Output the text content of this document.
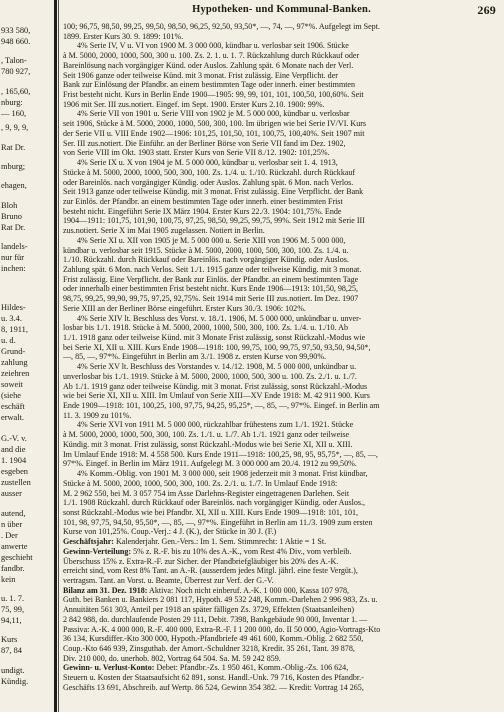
933 580,
948 660.
, Talon-
780 927,
, 165,60,
nburg:
— 160,
, 9, 9, 9,
Rat Dr.
mburg;
ehagen,
Bloh
Bruno
Rat Dr.
landels-
nur für
inchen:
Hildes-
u. 3.4.
8, 1911,
u. d.
Grund-
zahlung
zeiehren
soweit
(siehe
eschäft
erwalt.
G.-V. v.
and die
1. 1904
esgeben
zustellen
ausser
autend,
n über
. Der
anwerte
geschieht
fandbr.
kein
u. 1. 7.
75, 99,
94,11,
Kurs
87, 84
undigt.
Kündig.
Hypotheken- und Kommunal-Banken.	269
100; 96,75, 98,50, 99,25, 99,50, 98,50, 96,25, 92,50, 93,50*, —, 74, —, 97*%. Aufgelegt im Sept.
1899. Erster Kurs 30. 9. 1899: 101%.
4% Serie IV, V u. VI von 1900 M. 3 000 000, kündbar u. verlosbar seit 1906. Stücke
à M. 5000, 2000, 1000, 500, 300 u. 100. Zs. 2. 1. u. 1. 7. Rückzahlung durch Rückkauf oder
Bareinlösung nach vorgängiger Künd. oder Auslos. Zahlung spät. 6 Monate nach der Verl.
Seit 1906 ganze oder teilweise Künd. mit 3 monat. Frist zulässig. Eine Verpflicht. der
Bank zur Einlösung der Pfandbr. an einem bestimmten Tage oder innerh. einer bestimmten
Frist besteht nicht. Kurs in Berlin Ende 1900—1905: 99, 99, 101, 101, 100,50, 100,60%. Seit
1906 mit Ser. III zus.notiert. Eingef. im Sept. 1900. Erster Kurs 2.10. 1900: 99%.
4% Serie VII von 1901 u. Serie VIII von 1902 je M. 5 000 000, kündbar u. verlosbar
seit 1906, Stücke à M. 5000, 2000, 1000, 500, 300, 100. Im übrigen wie bei Serie IV/VI. Kurs
der Serie VII u. VIII Ende 1902—1906: 101,25, 101,50, 101, 100,75, 100,40%. Seit 1907 mit
Ser. III zus.notiert. Die Einführ. an der Berliner Börse von Serie VII fand im Dez. 1902,
von Serie VIII im Okt. 1903 statt. Erster Kurs von Serie VII 8./12. 1902: 101,25%.
4% Serie IX u. X von 1904 je M. 5 000 000, kündbar u. verlosbar seit 1. 4. 1913,
Stücke à M. 5000, 2000, 1000, 500, 300, 100. Zs. 1./4. u. 1./10. Rückzahl. durch Rückkauf
oder Bareinlös. nach vorgängiger Kündig. oder Auslos. Zahlung spät. 6 Mon. nach Verlos.
Seit 1913 ganze oder teilweise Kündig. mit 3 monat. Frist zulässig. Eine Verpflicht. der Bank
zur Einlös. der Pfandbr. an einem bestimmten Tage oder innerh. einer bestimmten Frist
besteht nicht. Eingeführt Serie IX März 1904. Erster Kurs 22./3. 1904: 101,75%. Ende
1904—1911: 101,75, 101,90, 100,75, 97,25, 98,50, 99,25, 99,75, 99%. Seit 1912 mit Serie III
zus.notiert. Serie X im Mai 1905 zugelassen. Notiert in Berlin.
4% Serie XI u. XII von 1905 je M. 5 000 000 u. Serie XIII von 1906 M. 5 000 000,
kündbar u. verlosbar seit 1915. Stücke à M. 5000, 2000, 1000, 500, 300, 100. Zs. 1./4. u.
1./10. Rückzahl. durch Rückkauf oder Bareinlös. nach vorgängiger Kündig. oder Auslos.
Zahlung spät. 6 Mon. nach Verlos. Seit 1./1. 1915 ganze oder teilweise Kündig. mit 3 monat.
Frist zulässig. Eine Verpflicht. der Bank zur Einlös. der Pfandbr. an einem bestimmten Tage
oder innerhalb einer bestimmten Frist besteht nicht. Kurs Ende 1906—1913: 101,50, 98,25,
98,75, 99,25, 99,90, 99,75, 97,25, 92,75%. Seit 1914 mit Serie III zus.notiert. Im Dez. 1907
Serie XIII an der Berliner Börse eingeführt. Erster Kurs 30./3. 1906: 102%.
4% Serie XIV lt. Beschluss des Vorst. v. 18./1. 1906, M. 5 000 000, unkündbar u. unver-
losbar bis 1./1. 1918. Stücke à M. 5000, 2000, 1000, 500, 300, 100. Zs. 1./4. u. 1./10. Ab
1./1. 1918 ganz oder teilweise Künd. mit 3 Monate Frist zulässig, sonst Rückzahl.-Modus wie
bei Serie XI, XII u. XIII. Kurs Ende 1908—1918: 100, 99,75, 100, 99,75, 97,50, 93,50, 94,50*,
—, 85, —, 97*%. Eingeführt in Berlin am 3./1. 1908 z. ersten Kurse von 99,90%.
4% Serie XV lt. Beschluss des Vorstandes v. 14./12. 1908, M. 5 000 000, unkündbar u.
unverlosbar bis 1./1. 1919. Stücke à M. 5000, 2000, 1000, 500, 300 u. 100. Zs. 2./1. u. 1./7.
Ab 1./1. 1919 ganz oder teilweise Kündig. mit 3 monat. Frist zulässig, sonst Rückzahl.-Modus
wie bei Serie XI, XII u. XIII. Im Umlauf von Serie XIII—XV Ende 1918: M. 42 911 900. Kurs
Ende 1909—1918: 101, 100,25, 100, 97,75, 94,25, 95,25*, —, 85, —, 97*%. Eingef. in Berlin am
11. 3. 1909 zu 101%.
4% Serie XVI von 1911 M. 5 000 000, rückzahlbar frühestens zum 1./1. 1921. Stücke
à M. 5000, 2000, 1000, 500, 300, 100. Zs. 1./1. u. 1./7. Ab 1./1. 1921 ganz oder teilweise
Kündig. mit 3 monat. Frist zulässig, sonst Rückzahl.-Modus wie bei Serie XI, XII u. XIII.
Im Umlauf Ende 1918: M. 4 558 500. Kurs Ende 1911—1918: 100,25, 98, 95, 95,75*, —, 85, —,
97*%. Eingef. in Berlin im März 1911. Aufgelegt M. 3 000 000 am 20./4. 1912 zu 99,50%.
4% Komm.-Oblig. von 1901 M. 3 000 000, seit 1908 jederzeit mit 3 monat. Frist kündbar,
Stücke à M. 5000, 2000, 1000, 500, 300, 100. Zs. 2./1. u. 1./7. In Umlauf Ende 1918:
M. 2 962 550, bei M. 3 057 754 im Asse Darlehns-Register eingetragenen Darlehen. Seit
1./1. 1908 Rückzahl. durch Rückkauf oder Bareinlös. nach vorgängiger Kündig. oder Auslos.,
sonst Rückzahl.-Modus wie bei Pfandbr. XI, XII u. XIII. Kurs Ende 1909—1918: 101, 101,
101, 98, 97,75, 94,50, 95,50*, —, 85, —, 97*%. Eingeführt in Berlin am 11./3. 1909 zum ersten
Kurse von 101,25%. Coup.-Verj.: 4 J. (K.), der Stücke in 30 J. (F.)
Geschäftsjahr: Kalenderjahr. Gen.-Vers.: Im 1. Sem. Stimmrecht: 1 Aktie = 1 St.
Gewinn-Verteilung: 5% z. R.-F. bis zu 10% des A.-K., vom Rest 4% Div., vom verbleib.
Überschuss 15% z. Extra-R.-F. zur Sicher. der Pfandbriefgläubiger bis 20% des A.-K.
erreicht sind, vom Rest 8% Tant. an A.-R. (ausserdem jedes Mitgl. jährl. eine feste Vergüt.),
vertragsm. Tant. an Vorst. u. Beamte, Überrest zur Verf. der G.-V.
Bilanz am 31. Dez. 1918: Aktiva: Noch nicht einberuf. A.-K. 1 000 000, Kassa 107 978,
Guth. bei Banken u. Bankiers 2 081 117, Hypoth. 49 532 248, Komm.-Darlehen 2 996 983, Zs. u.
Annuitäten 561 303, Anteil per 1918 an später fälligen Zs. 3729, Effekten (Staatsanleihen)
2 842 988, do. durchlaufende Posten 29 111, Debit. 7398, Bankgebäude 90 000, Inventar 1. —
Passiva: A.-K. 4 000 000, R.-F. 400 000, Extra-R.-F. I 1 200 000, do. II 50 000, Agio-Vortrags-Kto
36 134, Kursdiffer.-Kto 300 000, Hypoth.-Pfandbriefe 49 461 600, Komm.-Oblig. 2 682 550,
Coup.-Kto 646 939, Zinsguthab. der Amort.-Schuldner 3218, Kredit. 35 261, Tant. 39 878,
Div. 210 000, do. unerhob. 802, Vortrag 64 504. Sa. M. 59 242 859.
Gewinn- u. Verlust-Konto: Debet: Pfandbr.-Zs. 1 950 461, Komm.-Oblig.-Zs. 106 624,
Steuern u. Kosten der Staatsaufsicht 62 891, sonst. Handl.-Unk. 79 716, Kosten des Pfandbr.-
Geschäfts 13 691, Abschreib. auf Wertp. 86 524, Gewinn 354 382. — Kredit: Vortrag 14 265,
